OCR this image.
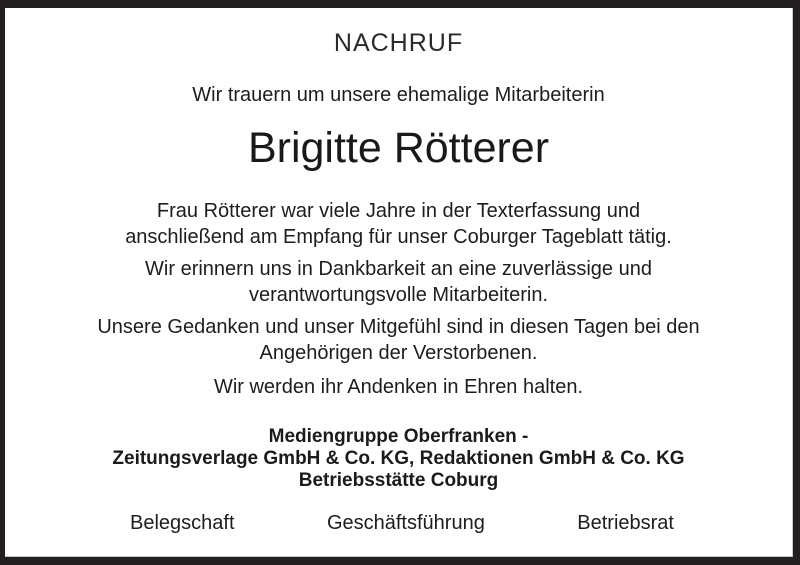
NACHRUF
Wir trauern um unsere ehemalige Mitarbeiterin
Brigitte Rötterer

Frau Rötterer war viele Jahre in der Texterfassung und
anschließend am Empfang für unser Coburger Tageblatt tätig.

Wir erinnern uns in Dankbarkeit an eine zuverlässige und
verantwortungsvolle Mitarbeiterin.

Unsere Gedanken und unser Mitgefühl sind in diesen Tagen bei den
Angehörigen der Verstorbenen.

Wir werden ihr Andenken in Ehren halten.

Mediengruppe Oberfranken -
Zeitungsverlage GmbH & Co. KG, Redaktionen GmbH & Co. KG
Betriebsstätte Coburg
Belegschaft	Geschäftsführung	Betriebsrat
